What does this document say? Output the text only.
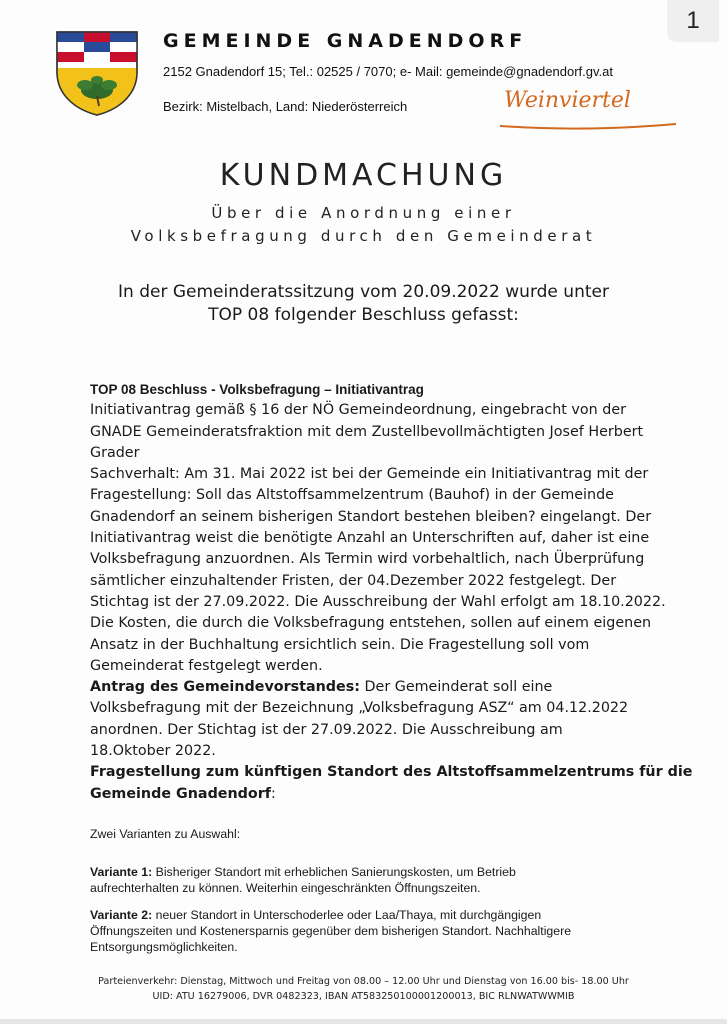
1
GEMEINDE GNADENDORF
2152 Gnadendorf 15; Tel.: 02525 / 7070; e- Mail: gemeinde@gnadendorf.gv.at
Bezirk: Mistelbach, Land: Niederösterreich	Weinviertel
KUNDMACHUNG
Über die Anordnung einer
Volksbefragung durch den Gemeinderat
In der Gemeinderatssitzung vom 20.09.2022 wurde unter
TOP 08 folgender Beschluss gefasst:
TOP 08 Beschluss - Volksbefragung – Initiativantrag
Initiativantrag gemäß § 16 der NÖ Gemeindeordnung, eingebracht von der
GNADE Gemeinderatsfraktion mit dem Zustellbevollmächtigten Josef Herbert
Grader
Sachverhalt: Am 31. Mai 2022 ist bei der Gemeinde ein Initiativantrag mit der
Fragestellung: Soll das Altstoffsammelzentrum (Bauhof) in der Gemeinde
Gnadendorf an seinem bisherigen Standort bestehen bleiben? eingelangt. Der
Initiativantrag weist die benötigte Anzahl an Unterschriften auf, daher ist eine
Volksbefragung anzuordnen. Als Termin wird vorbehaltlich, nach Überprüfung
sämtlicher einzuhaltender Fristen, der 04.Dezember 2022 festgelegt. Der
Stichtag ist der 27.09.2022. Die Ausschreibung der Wahl erfolgt am 18.10.2022.
Die Kosten, die durch die Volksbefragung entstehen, sollen auf einem eigenen
Ansatz in der Buchhaltung ersichtlich sein. Die Fragestellung soll vom
Gemeinderat festgelegt werden.
Antrag des Gemeindevorstandes: Der Gemeinderat soll eine
Volksbefragung mit der Bezeichnung „Volksbefragung ASZ“ am 04.12.2022
anordnen. Der Stichtag ist der 27.09.2022. Die Ausschreibung am
18.Oktober 2022.
Fragestellung zum künftigen Standort des Altstoffsammelzentrums für die
Gemeinde Gnadendorf:
Zwei Varianten zu Auswahl:
Variante 1: Bisheriger Standort mit erheblichen Sanierungskosten, um Betrieb
aufrechterhalten zu können. Weiterhin eingeschränkten Öffnungszeiten.
Variante 2: neuer Standort in Unterschoderlee oder Laa/Thaya, mit durchgängigen
Öffnungszeiten und Kostenersparnis gegenüber dem bisherigen Standort. Nachhaltigere
Entsorgungsmöglichkeiten.
Parteienverkehr: Dienstag, Mittwoch und Freitag von 08.00 – 12.00 Uhr und Dienstag von 16.00 bis- 18.00 Uhr
UID: ATU 16279006, DVR 0482323, IBAN AT583250100001200013, BIC RLNWATWWMIB
